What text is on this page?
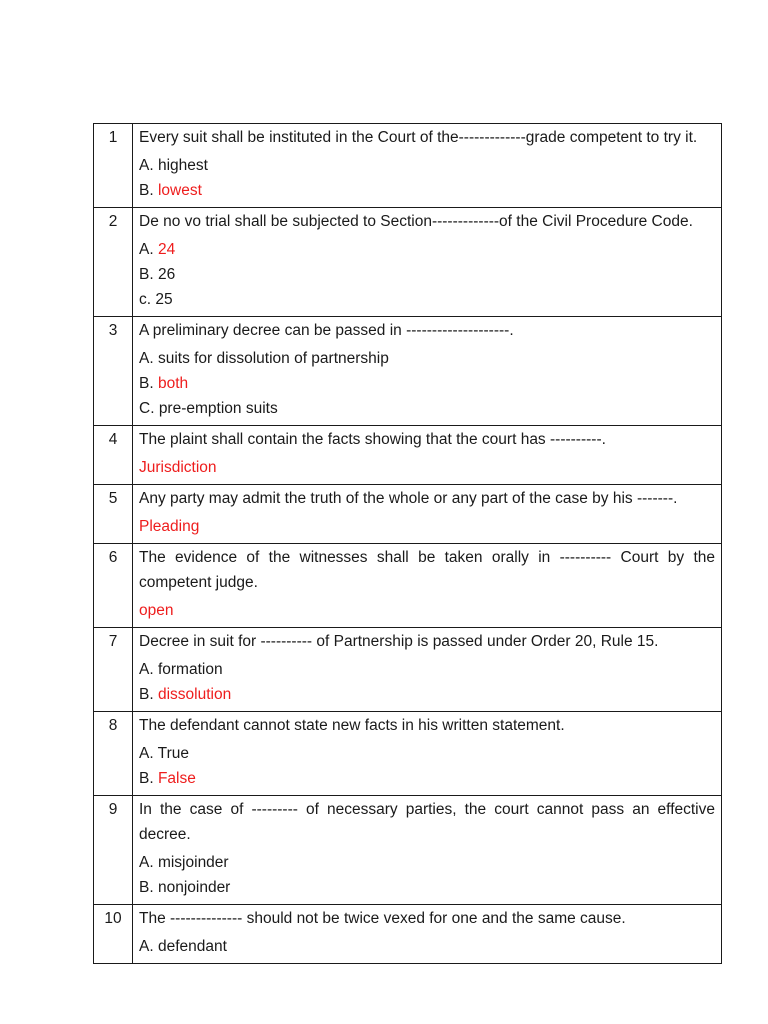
1	Every suit shall be instituted in the Court of the-------------grade competent to try it.
A. highest
B. lowest

2	De no vo trial shall be subjected to Section-------------of the Civil Procedure Code.
A. 24
B. 26
c. 25

3	A preliminary decree can be passed in --------------------.
A. suits for dissolution of partnership
B. both
C. pre-emption suits

4	The plaint shall contain the facts showing that the court has ----------.
Jurisdiction

5	Any party may admit the truth of the whole or any part of the case by his -------.
Pleading

6	The evidence of the witnesses shall be taken orally in ---------- Court by the competent judge.
open

7	Decree in suit for ---------- of Partnership is passed under Order 20, Rule 15.
A. formation
B. dissolution

8	The defendant cannot state new facts in his written statement.
A. True
B. False

9	In the case of --------- of necessary parties, the court cannot pass an effective decree.
A. misjoinder
B. nonjoinder

10	The -------------- should not be twice vexed for one and the same cause.
A. defendant
